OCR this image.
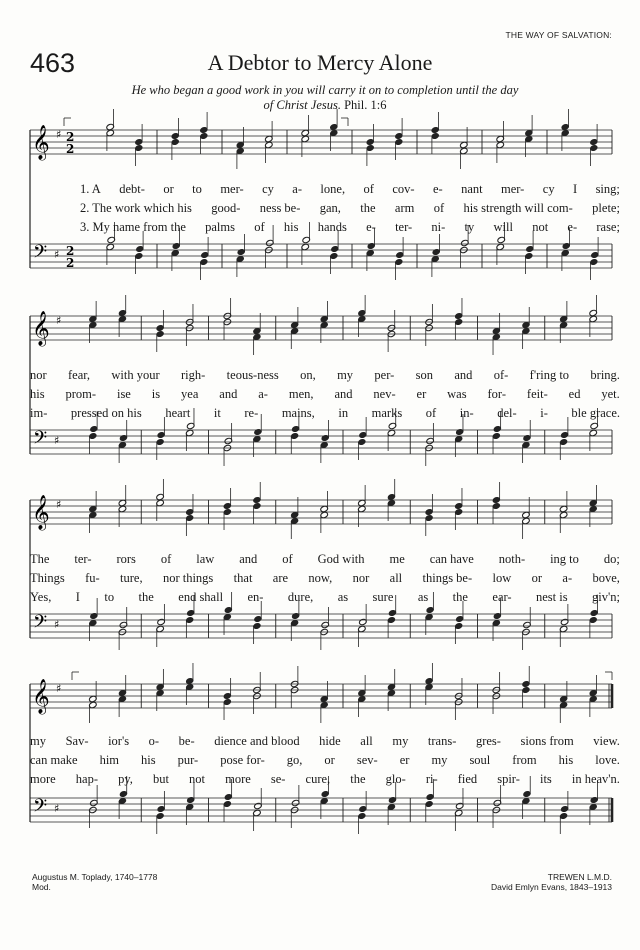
THE WAY OF SALVATION:
463	A Debtor to Mercy Alone
He who began a good work in you will carry it on to completion until the day
of Christ Jesus. Phil. 1:6
𝄞
𝄢
♯
♯
2
2
2
2
𝄞
𝄢
♯
♯
𝄞
𝄢
♯
♯
𝄞
𝄢
♯
♯
1. A debt- or to mer- cy a- lone, of cov- e- nant mer- cy I sing;
2. The work which his good- ness be- gan, the arm of his strength will com- plete;
3. My name from the palms of his hands e- ter- ni- ty will not e- rase;
nor fear, with your righ- teous-ness on, my per- son and of- f'ring to bring.
his prom- ise is yea and a- men, and nev- er was for- feit- ed yet.
im- pressed on his heart it re- mains, in marks of in- del- i- ble grace.
The ter- rors of law and of God with me can have noth- ing to do;
Things fu- ture, nor things that are now, nor all things be- low or a- bove,
Yes, I to the end shall en- dure, as sure as the ear- nest is giv'n;
my Sav- ior's o- be- dience and blood hide all my trans- gres- sions from view.
can make him his pur- pose for- go, or sev- er my soul from his love.
more hap- py, but not more se- cure, the glo- ri- fied spir- its in heav'n.
Augustus M. Toplady, 1740–1778
Mod.
TREWEN L.M.D.
David Emlyn Evans, 1843–1913
